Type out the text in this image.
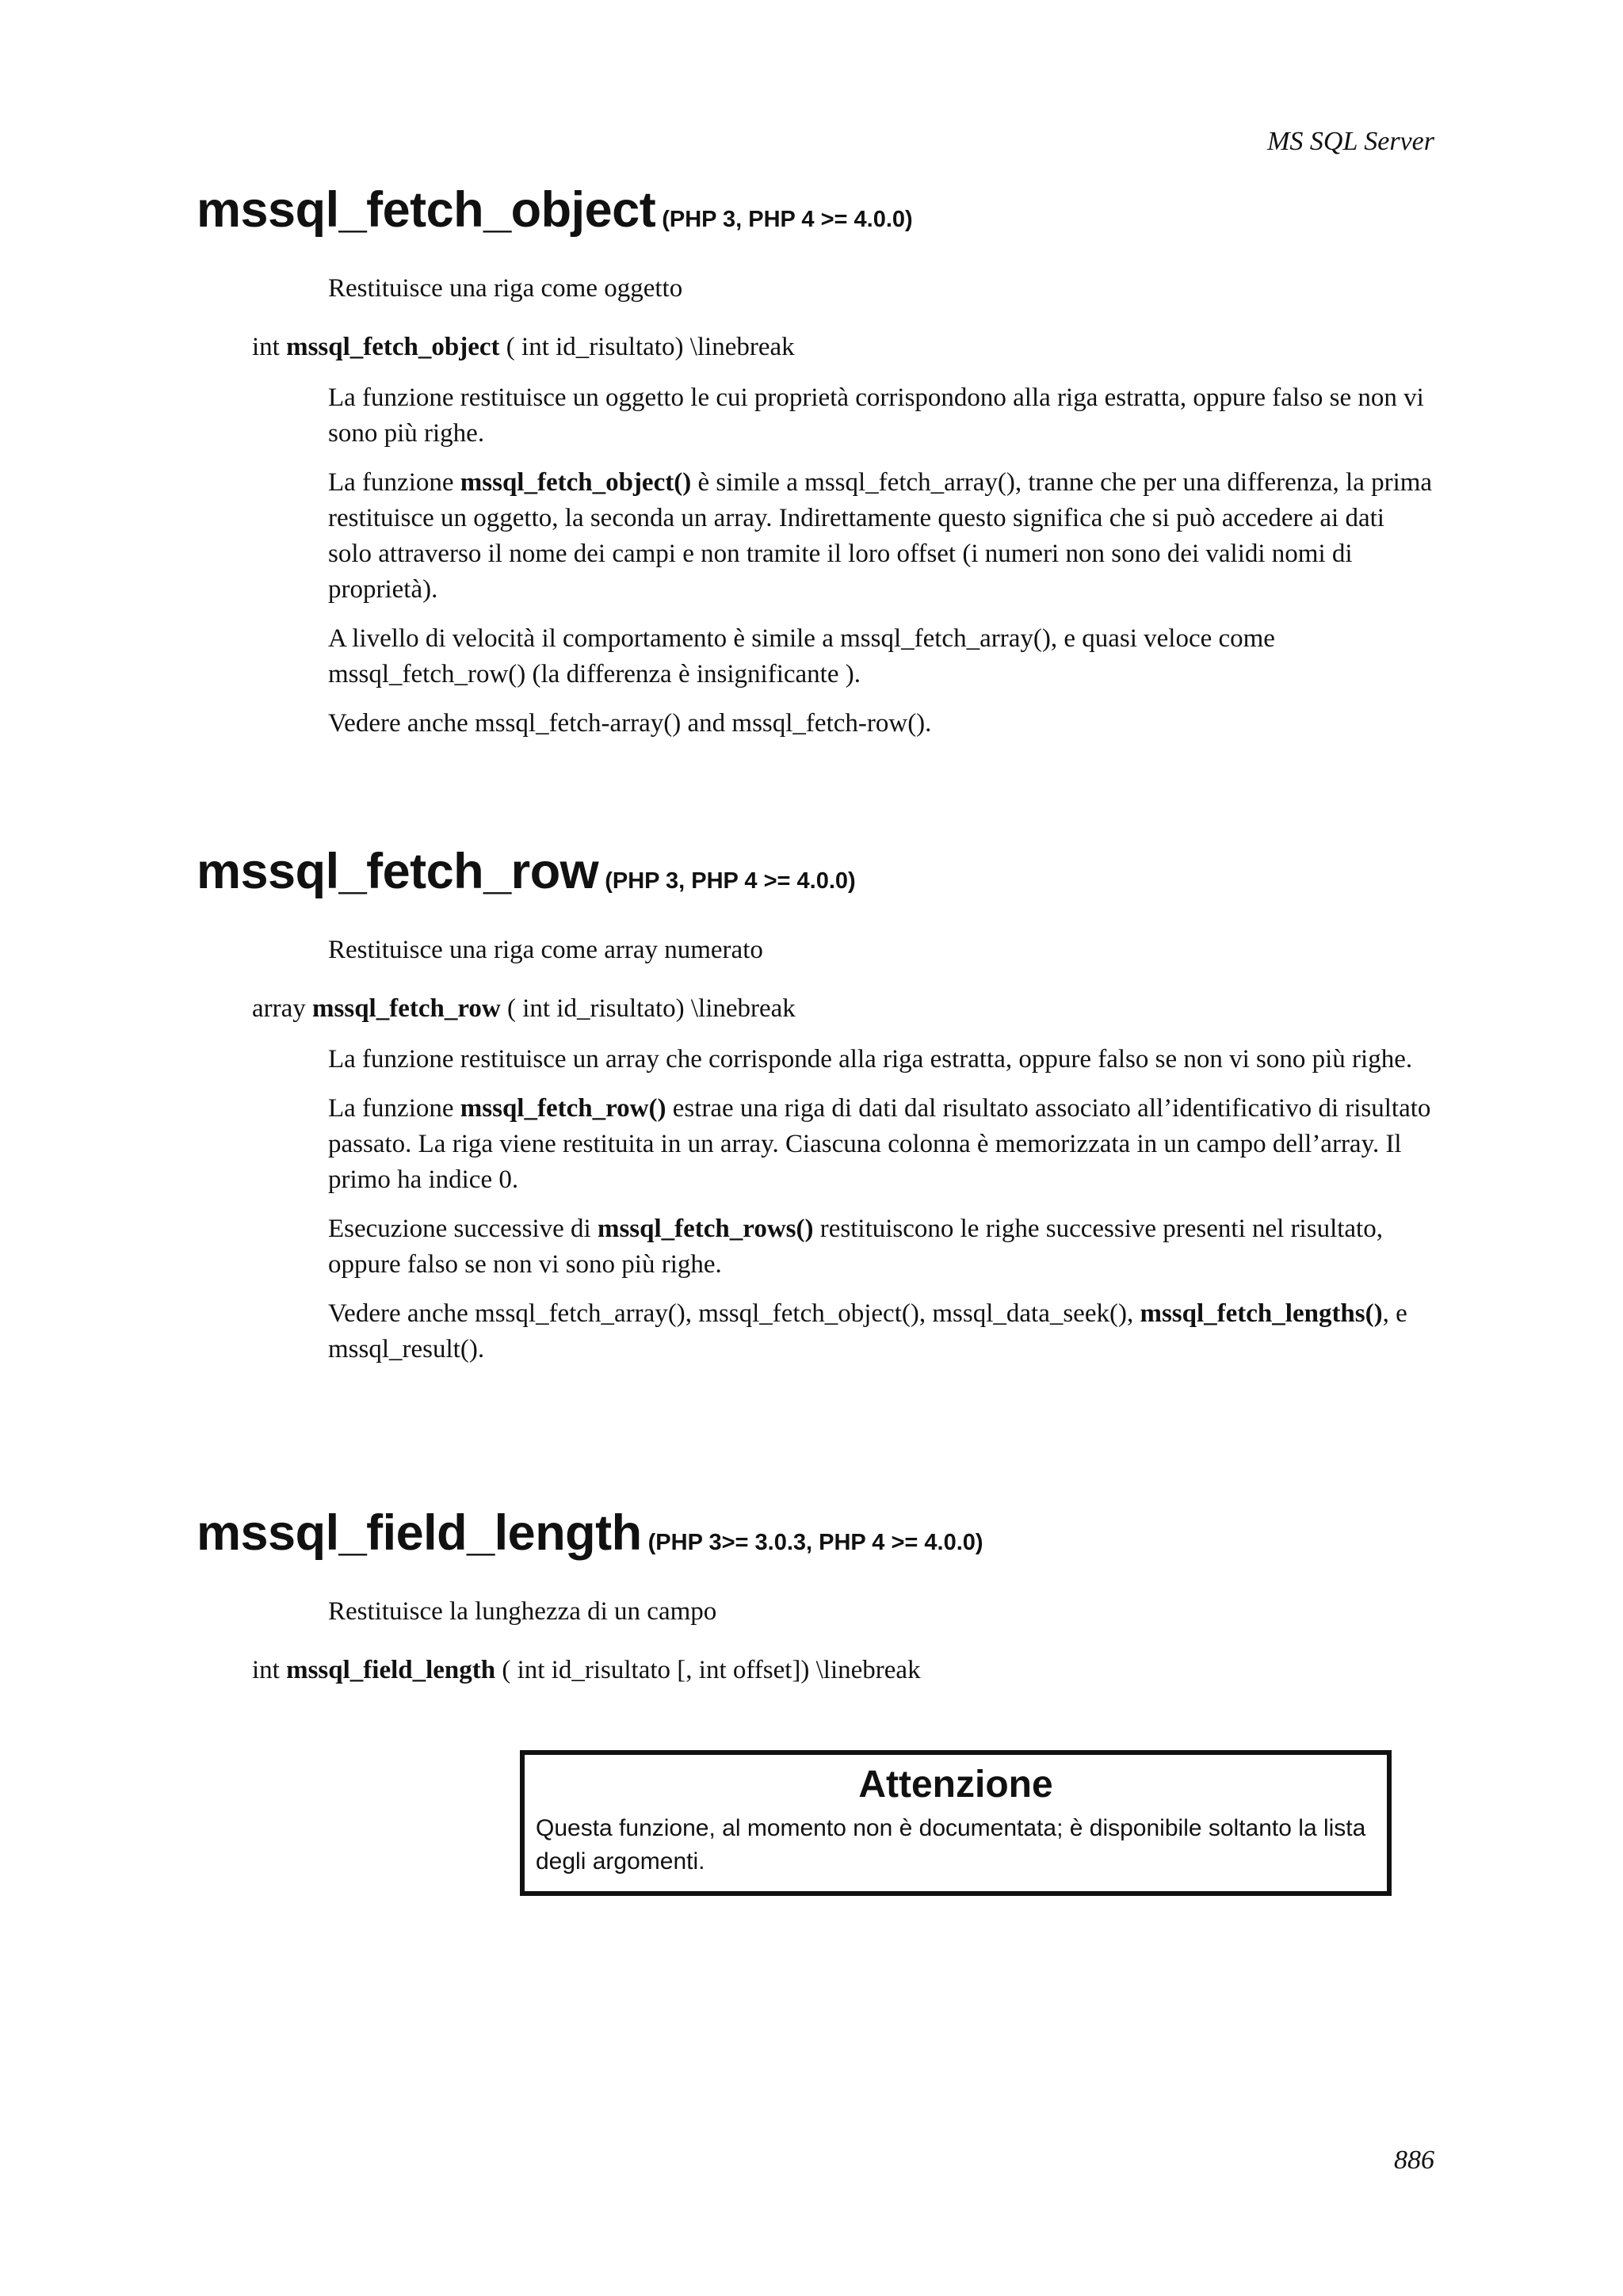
MS SQL Server

mssql_fetch_object (PHP 3, PHP 4 >= 4.0.0)

Restituisce una riga come oggetto

int mssql_fetch_object ( int id_risultato) \linebreak

La funzione restituisce un oggetto le cui proprietà corrispondono alla riga estratta, oppure falso se non vi sono più righe.

La funzione mssql_fetch_object() è simile a mssql_fetch_array(), tranne che per una differenza, la prima restituisce un oggetto, la seconda un array. Indirettamente questo significa che si può accedere ai dati solo attraverso il nome dei campi e non tramite il loro offset (i numeri non sono dei validi nomi di proprietà).

A livello di velocità il comportamento è simile a mssql_fetch_array(), e quasi veloce come mssql_fetch_row() (la differenza è insignificante ).

Vedere anche mssql_fetch-array() and mssql_fetch-row().

mssql_fetch_row (PHP 3, PHP 4 >= 4.0.0)

Restituisce una riga come array numerato

array mssql_fetch_row ( int id_risultato) \linebreak

La funzione restituisce un array che corrisponde alla riga estratta, oppure falso se non vi sono più righe.

La funzione mssql_fetch_row() estrae una riga di dati dal risultato associato all’identificativo di risultato passato. La riga viene restituita in un array. Ciascuna colonna è memorizzata in un campo dell’array. Il primo ha indice 0.

Esecuzione successive di mssql_fetch_rows() restituiscono le righe successive presenti nel risultato, oppure falso se non vi sono più righe.

Vedere anche mssql_fetch_array(), mssql_fetch_object(), mssql_data_seek(), mssql_fetch_lengths(), e mssql_result().

mssql_field_length (PHP 3>= 3.0.3, PHP 4 >= 4.0.0)

Restituisce la lunghezza di un campo

int mssql_field_length ( int id_risultato [, int offset]) \linebreak

Attenzione

Questa funzione, al momento non è documentata; è disponibile soltanto la lista degli argomenti.

886
